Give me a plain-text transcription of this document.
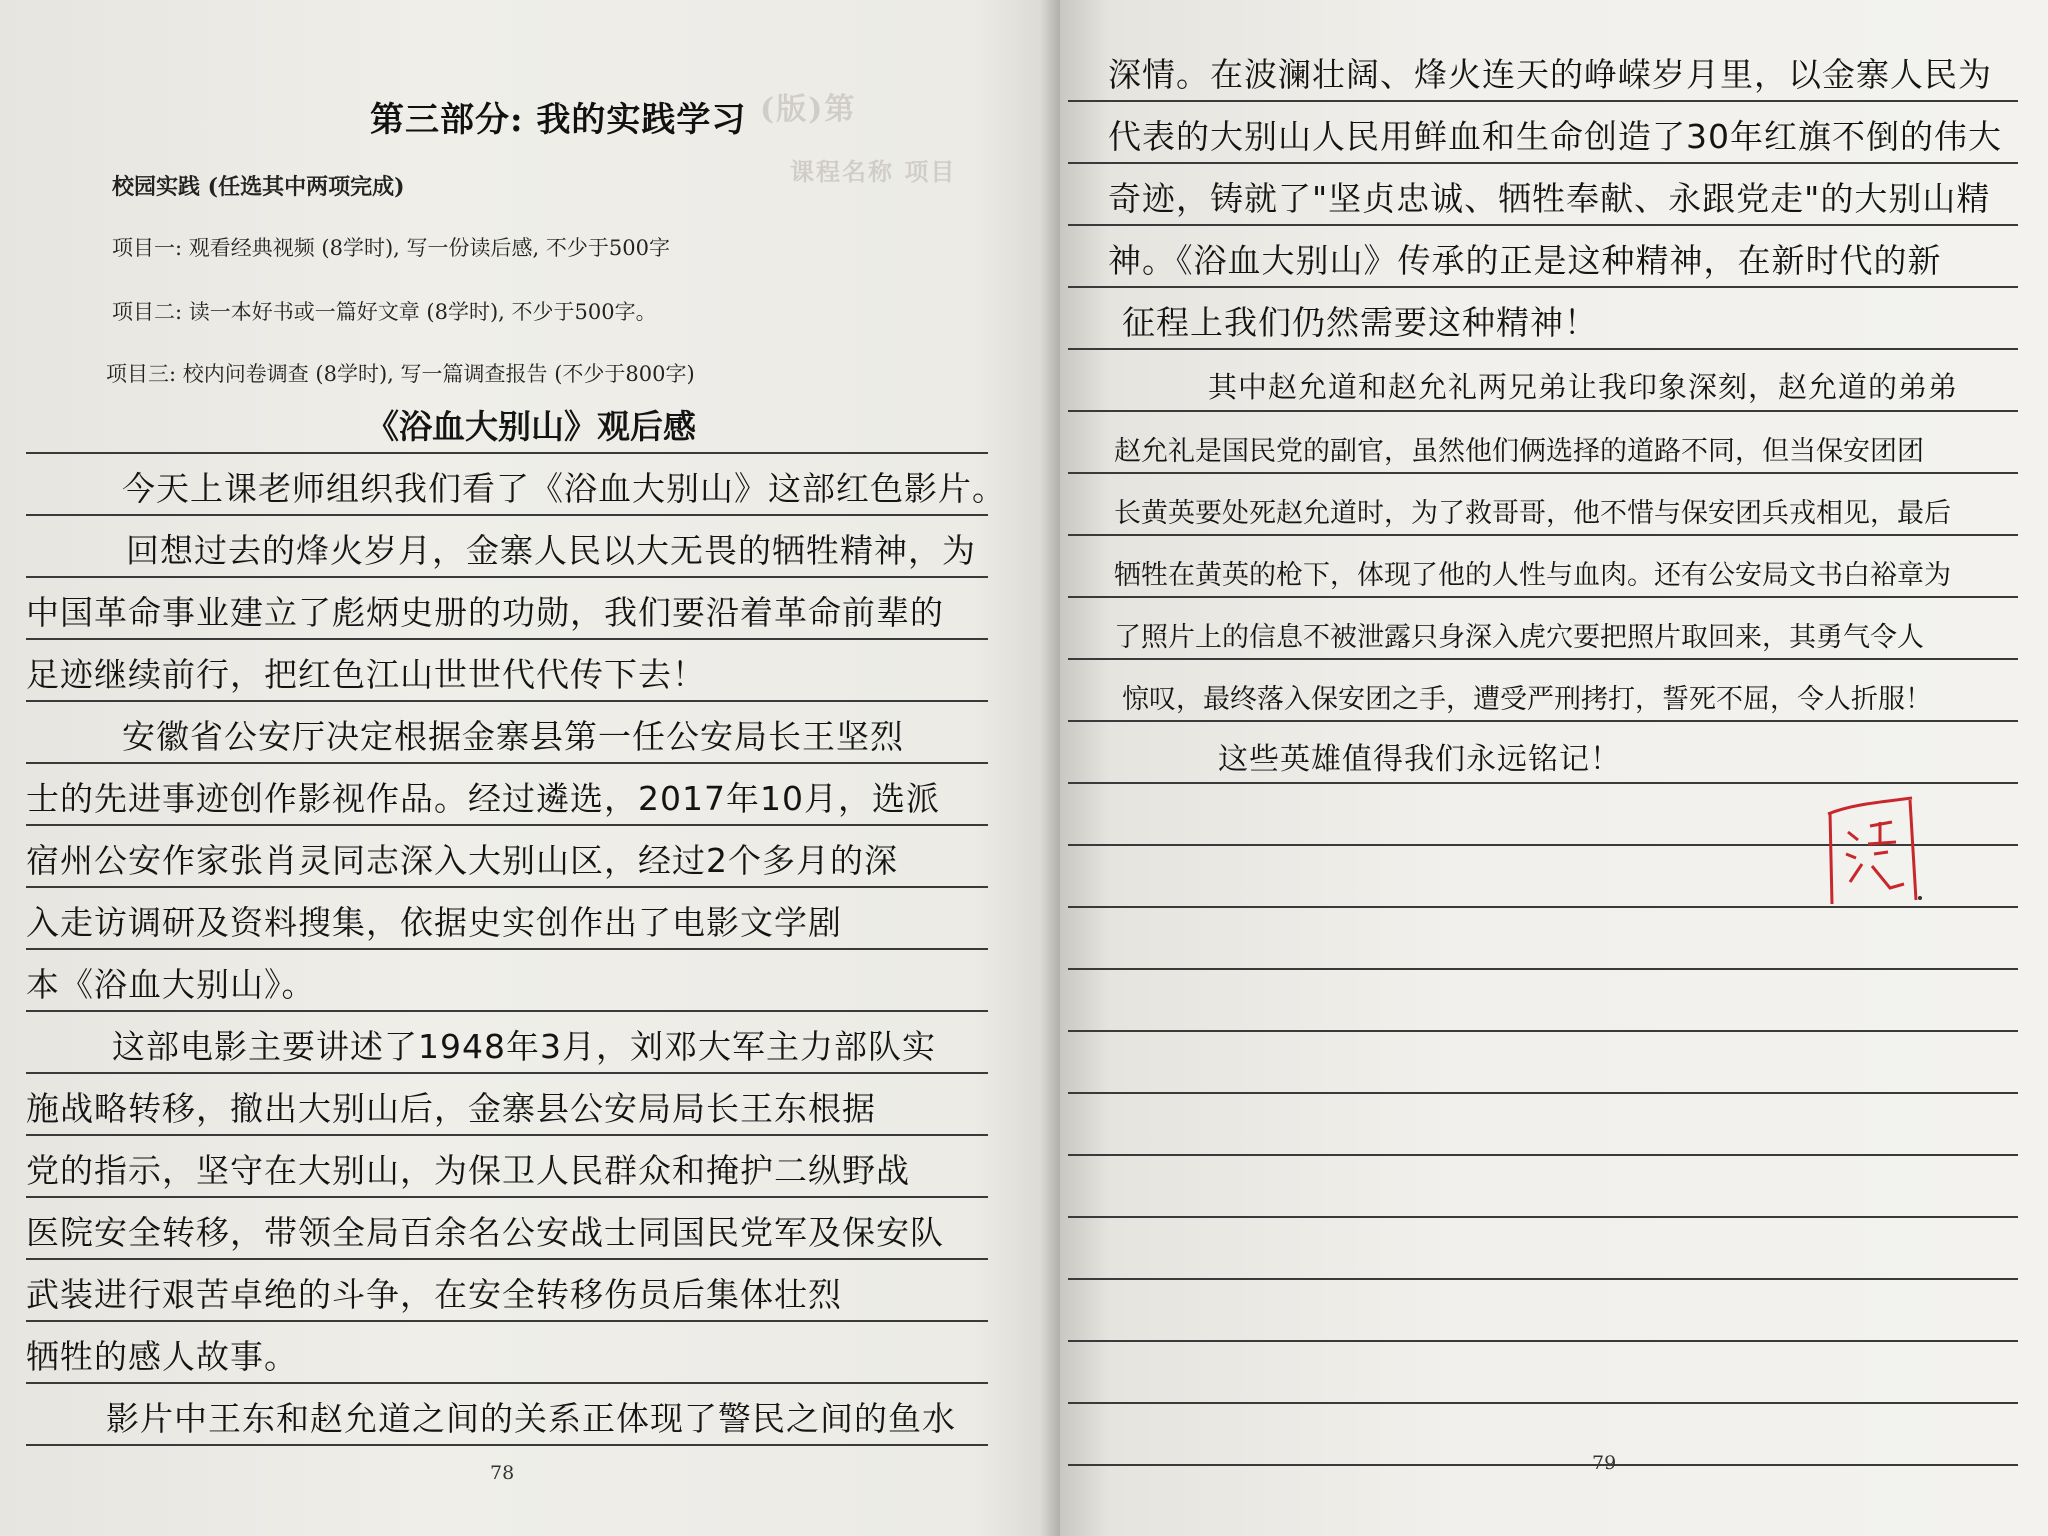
(版)第
课程名称 项目
第三部分: 我的实践学习
校园实践 (任选其中两项完成)
项目一: 观看经典视频 (8学时), 写一份读后感, 不少于500字
项目二: 读一本好书或一篇好文章 (8学时), 不少于500字。
项目三: 校内问卷调查 (8学时), 写一篇调查报告 (不少于800字)
《浴血大别山》观后感
今天上课老师组织我们看了《浴血大别山》这部红色影片。
回想过去的烽火岁月，金寨人民以大无畏的牺牲精神，为
中国革命事业建立了彪炳史册的功勋，我们要沿着革命前辈的
足迹继续前行，把红色江山世世代代传下去！
安徽省公安厅决定根据金寨县第一任公安局长王坚烈
士的先进事迹创作影视作品。经过遴选，2017年10月，选派
宿州公安作家张肖灵同志深入大别山区，经过2个多月的深
入走访调研及资料搜集，依据史实创作出了电影文学剧
本《浴血大别山》。
这部电影主要讲述了1948年3月，刘邓大军主力部队实
施战略转移，撤出大别山后，金寨县公安局局长王东根据
党的指示，坚守在大别山，为保卫人民群众和掩护二纵野战
医院安全转移，带领全局百余名公安战士同国民党军及保安队
武装进行艰苦卓绝的斗争，在安全转移伤员后集体壮烈
牺牲的感人故事。
影片中王东和赵允道之间的关系正体现了警民之间的鱼水
78
深情。在波澜壮阔、烽火连天的峥嵘岁月里，以金寨人民为
代表的大别山人民用鲜血和生命创造了30年红旗不倒的伟大
奇迹，铸就了"坚贞忠诚、牺牲奉献、永跟党走"的大别山精
神。《浴血大别山》传承的正是这种精神，在新时代的新
征程上我们仍然需要这种精神！
其中赵允道和赵允礼两兄弟让我印象深刻，赵允道的弟弟
赵允礼是国民党的副官，虽然他们俩选择的道路不同，但当保安团团
长黄英要处死赵允道时，为了救哥哥，他不惜与保安团兵戎相见，最后
牺牲在黄英的枪下，体现了他的人性与血肉。还有公安局文书白裕章为
了照片上的信息不被泄露只身深入虎穴要把照片取回来，其勇气令人
惊叹，最终落入保安团之手，遭受严刑拷打，誓死不屈，令人折服！
这些英雄值得我们永远铭记！
79
